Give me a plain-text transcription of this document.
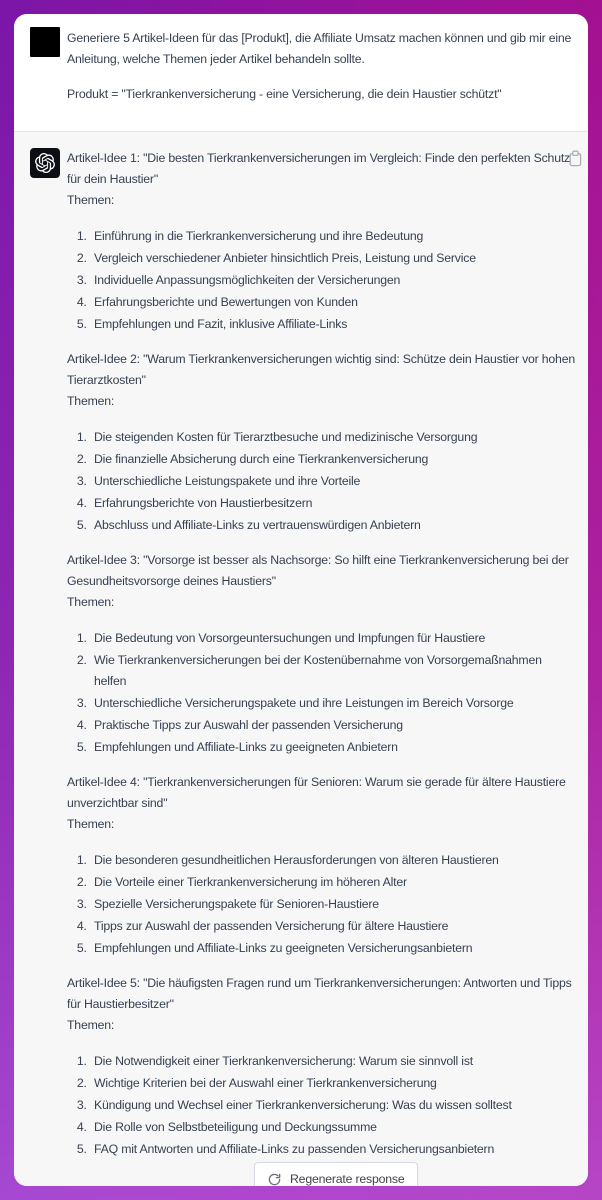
Generiere 5 Artikel-Ideen für das [Produkt], die Affiliate Umsatz machen können und gib mir eine Anleitung, welche Themen jeder Artikel behandeln sollte.

Produkt = "Tierkrankenversicherung - eine Versicherung, die dein Haustier schützt"

Artikel-Idee 1: "Die besten Tierkrankenversicherungen im Vergleich: Finde den perfekten Schutz für dein Haustier"

Themen:

1. Einführung in die Tierkrankenversicherung und ihre Bedeutung
2. Vergleich verschiedener Anbieter hinsichtlich Preis, Leistung und Service
3. Individuelle Anpassungsmöglichkeiten der Versicherungen
4. Erfahrungsberichte und Bewertungen von Kunden
5. Empfehlungen und Fazit, inklusive Affiliate-Links

Artikel-Idee 2: "Warum Tierkrankenversicherungen wichtig sind: Schütze dein Haustier vor hohen Tierarztkosten"

Themen:

1. Die steigenden Kosten für Tierarztbesuche und medizinische Versorgung
2. Die finanzielle Absicherung durch eine Tierkrankenversicherung
3. Unterschiedliche Leistungspakete und ihre Vorteile
4. Erfahrungsberichte von Haustierbesitzern
5. Abschluss und Affiliate-Links zu vertrauenswürdigen Anbietern

Artikel-Idee 3: "Vorsorge ist besser als Nachsorge: So hilft eine Tierkrankenversicherung bei der Gesundheitsvorsorge deines Haustiers"

Themen:

1. Die Bedeutung von Vorsorgeuntersuchungen und Impfungen für Haustiere
2. Wie Tierkrankenversicherungen bei der Kostenübernahme von Vorsorgemaßnahmen helfen
3. Unterschiedliche Versicherungspakete und ihre Leistungen im Bereich Vorsorge
4. Praktische Tipps zur Auswahl der passenden Versicherung
5. Empfehlungen und Affiliate-Links zu geeigneten Anbietern

Artikel-Idee 4: "Tierkrankenversicherungen für Senioren: Warum sie gerade für ältere Haustiere unverzichtbar sind"

Themen:

1. Die besonderen gesundheitlichen Herausforderungen von älteren Haustieren
2. Die Vorteile einer Tierkrankenversicherung im höheren Alter
3. Spezielle Versicherungspakete für Senioren-Haustiere
4. Tipps zur Auswahl der passenden Versicherung für ältere Haustiere
5. Empfehlungen und Affiliate-Links zu geeigneten Versicherungsanbietern

Artikel-Idee 5: "Die häufigsten Fragen rund um Tierkrankenversicherungen: Antworten und Tipps für Haustierbesitzer"

Themen:

1. Die Notwendigkeit einer Tierkrankenversicherung: Warum sie sinnvoll ist
2. Wichtige Kriterien bei der Auswahl einer Tierkrankenversicherung
3. Kündigung und Wechsel einer Tierkrankenversicherung: Was du wissen solltest
4. Die Rolle von Selbstbeteiligung und Deckungssumme
5. FAQ mit Antworten und Affiliate-Links zu passenden Versicherungsanbietern
Regenerate response
